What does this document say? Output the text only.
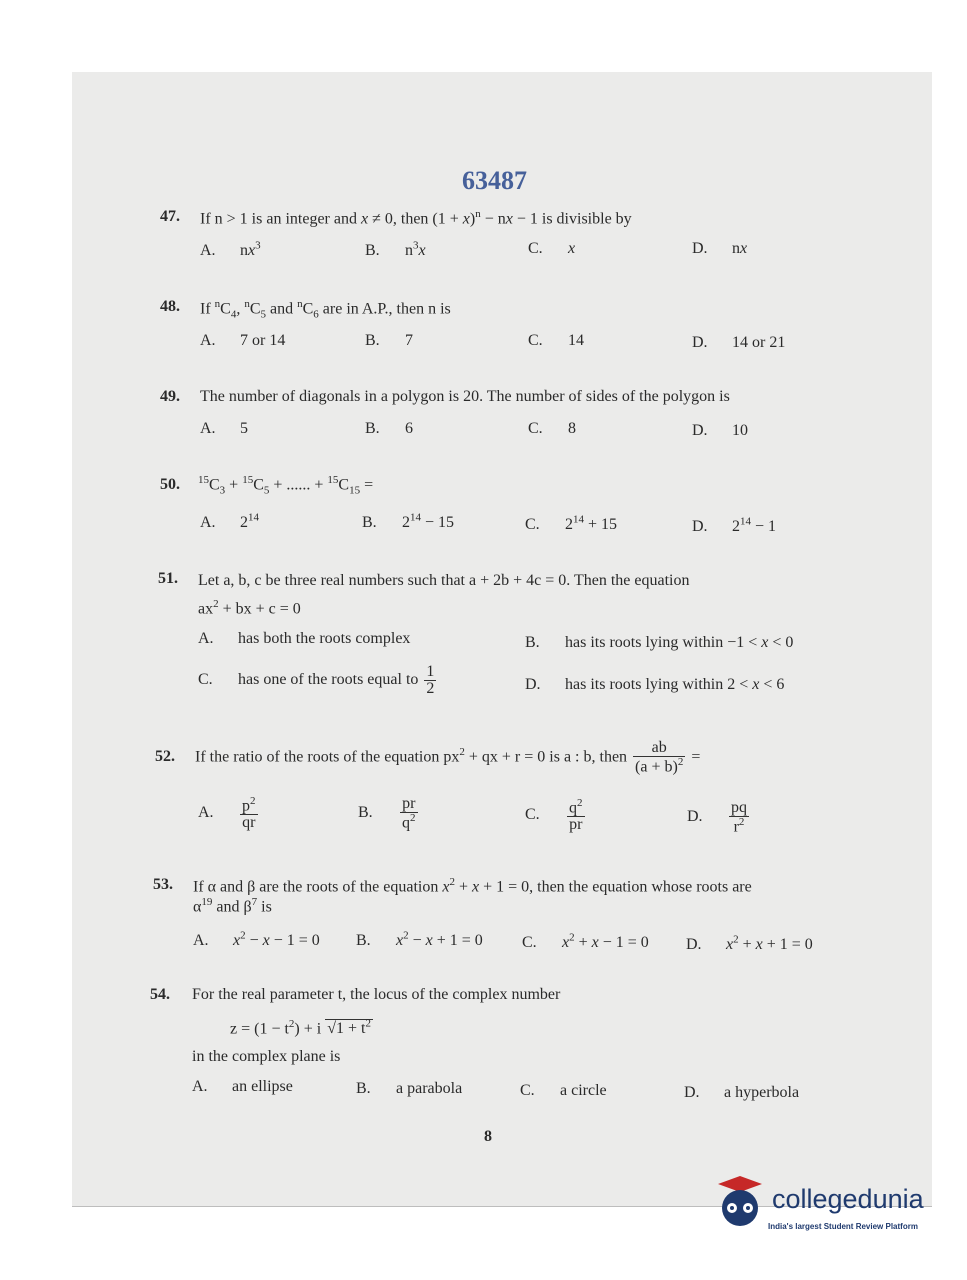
63487
47. If n > 1 is an integer and x ≠ 0, then $(1 + x)^n$ − nx − 1 is divisible by
A. $nx^3$	B. $n^3x$	C. x	D. nx
48. If $^nC_4$, $^nC_5$ and $^nC_6$ are in A.P., then n is
A. 7 or 14	B. 7	C. 14	D. 14 or 21
49. The number of diagonals in a polygon is 20. The number of sides of the polygon is
A. 5	B. 6	C. 8	D. 10
50. $^{15}C_3 + ^{15}C_5$ + ...... + $^{15}C_{15}$ =
A. $2^{14}$	B. $2^{14} - 15$	C. $2^{14} + 15$	D. $2^{14} - 1$
51. Let a, b, c be three real numbers such that a + 2b + 4c = 0. Then the equation
$ax^2$ + bx + c = 0
A. has both the roots complex	B. has its roots lying within −1 < x < 0
C. has one of the roots equal to $\frac{1}{2}$	D. has its roots lying within 2 < x < 6
52. If the ratio of the roots of the equation $px^2$ + qx + r = 0 is a : b, then $\frac{ab}{(a + b)^2}$ =
A. $\frac{p^2}{qr}$	B. $\frac{pr}{q^2}$	C. $\frac{q^2}{pr}$	D. $\frac{pq}{r^2}$
53. If α and β are the roots of the equation $x^2 + x + 1 = 0$, then the equation whose roots are
$\alpha^{19}$ and $\beta^7$ is
A. $x^2 - x - 1 = 0$ B. $x^2 - x + 1 = 0$ C. $x^2 + x - 1 = 0$ D. $x^2 + x + 1 = 0$
54. For the real parameter t, the locus of the complex number
$z = (1 - t^2) + i$ $√1 + t^2$
in the complex plane is
A. an ellipse	B. a parabola	C. a circle	D. a hyperbola
8
collegedunia
India's largest Student Review Platform
